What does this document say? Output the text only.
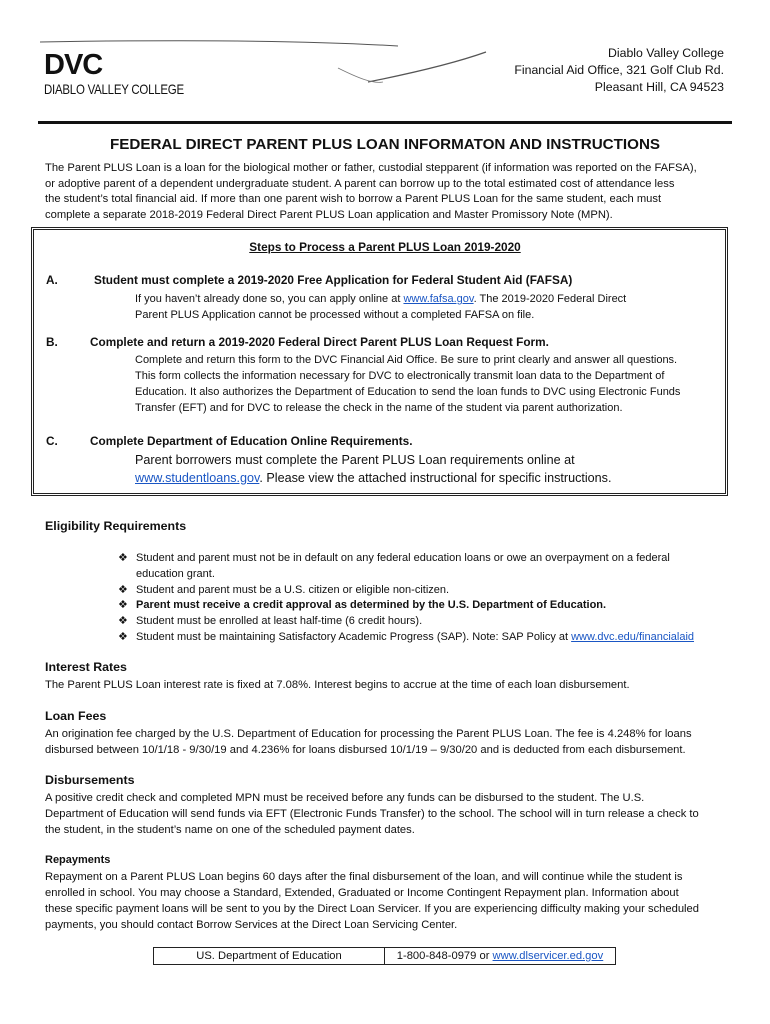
DVC
DIABLO VALLEY COLLEGE
Diablo Valley College
Financial Aid Office, 321 Golf Club Rd.
Pleasant Hill, CA 94523
FEDERAL DIRECT PARENT PLUS LOAN INFORMATON AND INSTRUCTIONS
The Parent PLUS Loan is a loan for the biological mother or father, custodial stepparent (if information was reported on the FAFSA),
or adoptive parent of a dependent undergraduate student. A parent can borrow up to the total estimated cost of attendance less
the student’s total financial aid. If more than one parent wish to borrow a Parent PLUS Loan for the same student, each must
complete a separate 2018-2019 Federal Direct Parent PLUS Loan application and Master Promissory Note (MPN).
Steps to Process a Parent PLUS Loan 2019-2020
A.	Student must complete a 2019-2020 Free Application for Federal Student Aid (FAFSA)
If you haven’t already done so, you can apply online at www.fafsa.gov. The 2019-2020 Federal Direct
Parent PLUS Application cannot be processed without a completed FAFSA on file.
B.	Complete and return a 2019-2020 Federal Direct Parent PLUS Loan Request Form.
Complete and return this form to the DVC Financial Aid Office. Be sure to print clearly and answer all questions.
This form collects the information necessary for DVC to electronically transmit loan data to the Department of
Education. It also authorizes the Department of Education to send the loan funds to DVC using Electronic Funds
Transfer (EFT) and for DVC to release the check in the name of the student via parent authorization.
C.	Complete Department of Education Online Requirements.
Parent borrowers must complete the Parent PLUS Loan requirements online at
www.studentloans.gov. Please view the attached instructional for specific instructions.
Eligibility Requirements
❖ Student and parent must not be in default on any federal education loans or owe an overpayment on a federal
education grant.
❖ Student and parent must be a U.S. citizen or eligible non-citizen.
❖ Parent must receive a credit approval as determined by the U.S. Department of Education.
❖ Student must be enrolled at least half-time (6 credit hours).
❖ Student must be maintaining Satisfactory Academic Progress (SAP). Note: SAP Policy at www.dvc.edu/financialaid
Interest Rates
The Parent PLUS Loan interest rate is fixed at 7.08%. Interest begins to accrue at the time of each loan disbursement.
Loan Fees
An origination fee charged by the U.S. Department of Education for processing the Parent PLUS Loan. The fee is 4.248% for loans
disbursed between 10/1/18 - 9/30/19 and 4.236% for loans disbursed 10/1/19 – 9/30/20 and is deducted from each disbursement.
Disbursements
A positive credit check and completed MPN must be received before any funds can be disbursed to the student. The U.S.
Department of Education will send funds via EFT (Electronic Funds Transfer) to the school. The school will in turn release a check to
the student, in the student’s name on one of the scheduled payment dates.
Repayments
Repayment on a Parent PLUS Loan begins 60 days after the final disbursement of the loan, and will continue while the student is
enrolled in school. You may choose a Standard, Extended, Graduated or Income Contingent Repayment plan. Information about
these specific payment loans will be sent to you by the Direct Loan Servicer. If you are experiencing difficulty making your scheduled
payments, you should contact Borrow Services at the Direct Loan Servicing Center.
US. Department of Education	1-800-848-0979 or www.dlservicer.ed.gov
